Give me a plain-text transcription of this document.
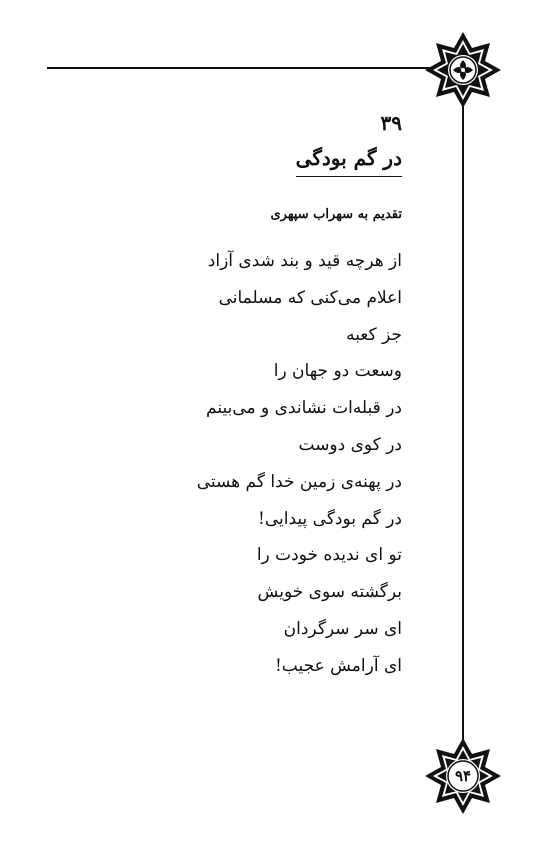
۹۴
۳۹
در گم بودگی
تقدیم به سهراب سپهری

از هرچه قید و بند شدی آزاد

اعلام می‌کنی که مسلمانی

جز کعبه

وسعت دو جهان را

در قبله‌ات نشاندی و می‌بینم

در کوی دوست

در پهنه‌ی زمین خدا گم هستی

در گم بودگی پیدایی!

تو ای ندیده خودت را

برگشته سوی خویش

ای سر سرگردان

ای آرامش عجیب!
